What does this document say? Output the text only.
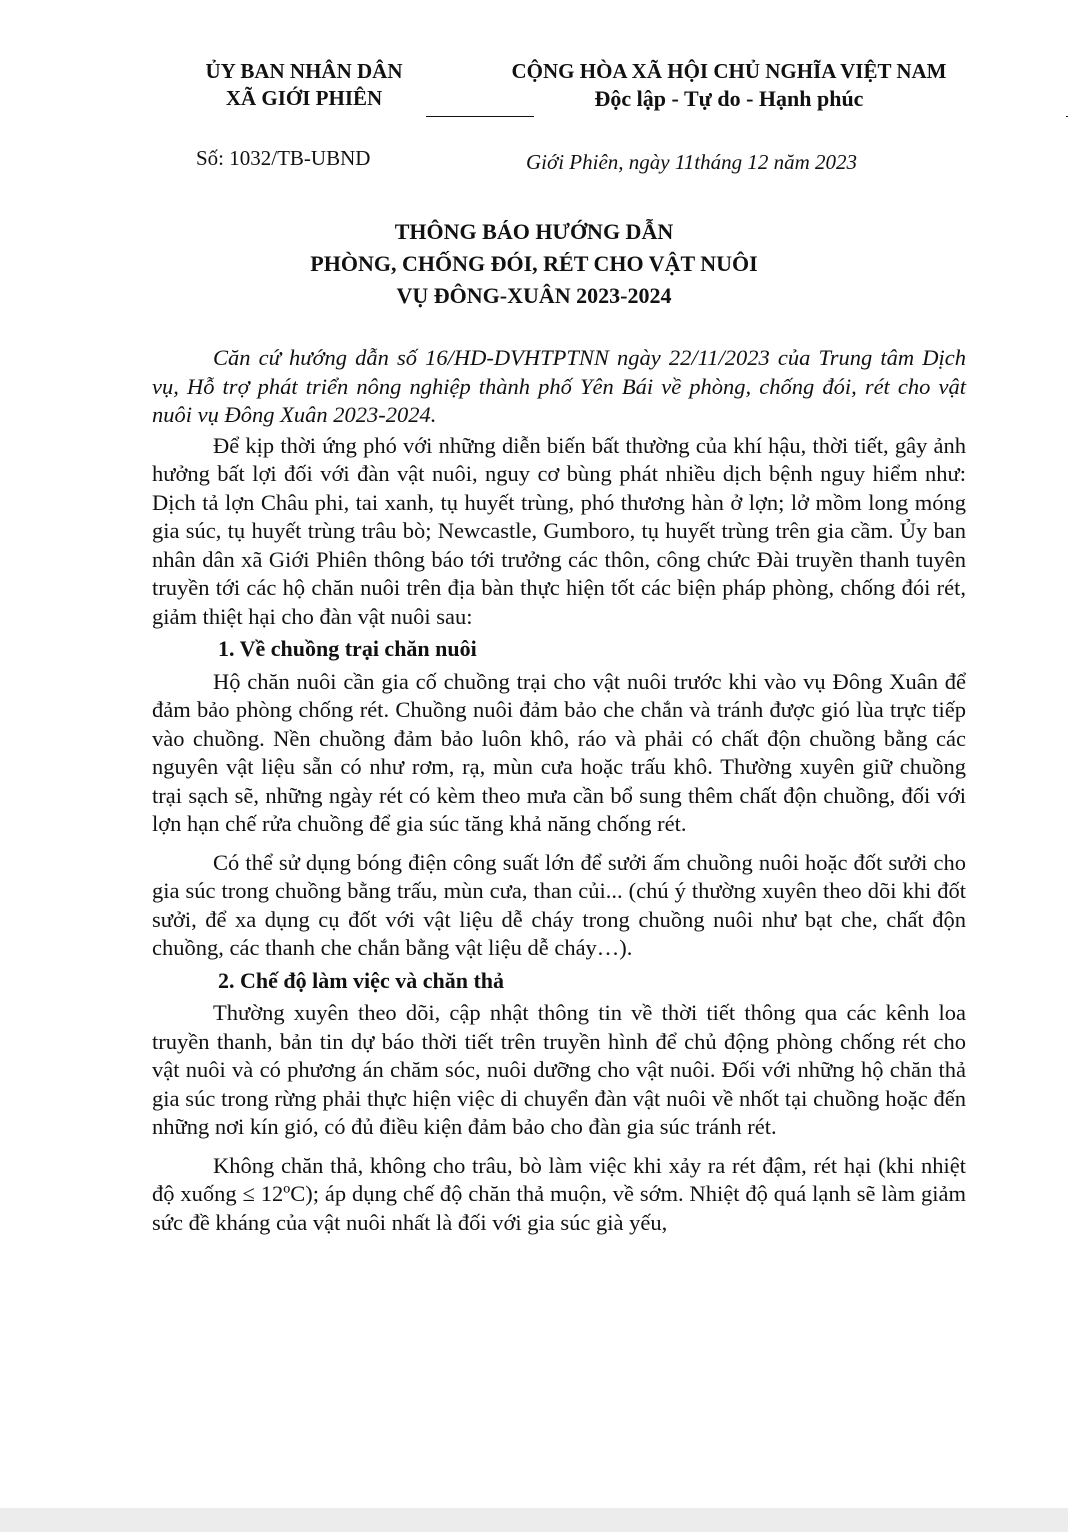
ỦY BAN NHÂN DÂN
XÃ GIỚI PHIÊN
CỘNG HÒA XÃ HỘI CHỦ NGHĨA VIỆT NAM
Độc lập - Tự do - Hạnh phúc
Số: 1032/TB-UBND	Giới Phiên, ngày 11tháng 12 năm 2023
THÔNG BÁO HƯỚNG DẪN
PHÒNG, CHỐNG ĐÓI, RÉT CHO VẬT NUÔI
VỤ ĐÔNG-XUÂN 2023-2024

Căn cứ hướng dẫn số 16/HD-DVHTPTNN ngày 22/11/2023 của Trung tâm Dịch vụ, Hỗ trợ phát triển nông nghiệp thành phố Yên Bái về phòng, chống đói, rét cho vật nuôi vụ Đông Xuân 2023-2024.

Để kịp thời ứng phó với những diễn biến bất thường của khí hậu, thời tiết, gây ảnh hưởng bất lợi đối với đàn vật nuôi, nguy cơ bùng phát nhiều dịch bệnh nguy hiểm như: Dịch tả lợn Châu phi, tai xanh, tụ huyết trùng, phó thương hàn ở lợn; lở mồm long móng gia súc, tụ huyết trùng trâu bò; Newcastle, Gumboro, tụ huyết trùng trên gia cầm. Ủy ban nhân dân xã Giới Phiên thông báo tới trưởng các thôn, công chức Đài truyền thanh tuyên truyền tới các hộ chăn nuôi trên địa bàn thực hiện tốt các biện pháp phòng, chống đói rét, giảm thiệt hại cho đàn vật nuôi sau:

1. Về chuồng trại chăn nuôi

Hộ chăn nuôi cần gia cố chuồng trại cho vật nuôi trước khi vào vụ Đông Xuân để đảm bảo phòng chống rét. Chuồng nuôi đảm bảo che chắn và tránh được gió lùa trực tiếp vào chuồng. Nền chuồng đảm bảo luôn khô, ráo và phải có chất độn chuồng bằng các nguyên vật liệu sẵn có như rơm, rạ, mùn cưa hoặc trấu khô. Thường xuyên giữ chuồng trại sạch sẽ, những ngày rét có kèm theo mưa cần bổ sung thêm chất độn chuồng, đối với lợn hạn chế rửa chuồng để gia súc tăng khả năng chống rét.

Có thể sử dụng bóng điện công suất lớn để sưởi ấm chuồng nuôi hoặc đốt sưởi cho gia súc trong chuồng bằng trấu, mùn cưa, than củi... (chú ý thường xuyên theo dõi khi đốt sưởi, để xa dụng cụ đốt với vật liệu dễ cháy trong chuồng nuôi như bạt che, chất độn chuồng, các thanh che chắn bằng vật liệu dễ cháy…).

2. Chế độ làm việc và chăn thả

Thường xuyên theo dõi, cập nhật thông tin về thời tiết thông qua các kênh loa truyền thanh, bản tin dự báo thời tiết trên truyền hình để chủ động phòng chống rét cho vật nuôi và có phương án chăm sóc, nuôi dưỡng cho vật nuôi. Đối với những hộ chăn thả gia súc trong rừng phải thực hiện việc di chuyển đàn vật nuôi về nhốt tại chuồng hoặc đến những nơi kín gió, có đủ điều kiện đảm bảo cho đàn gia súc tránh rét.

Không chăn thả, không cho trâu, bò làm việc khi xảy ra rét đậm, rét hại (khi nhiệt độ xuống ≤ 12ºC); áp dụng chế độ chăn thả muộn, về sớm. Nhiệt độ quá lạnh sẽ làm giảm sức đề kháng của vật nuôi nhất là đối với gia súc già yếu,
